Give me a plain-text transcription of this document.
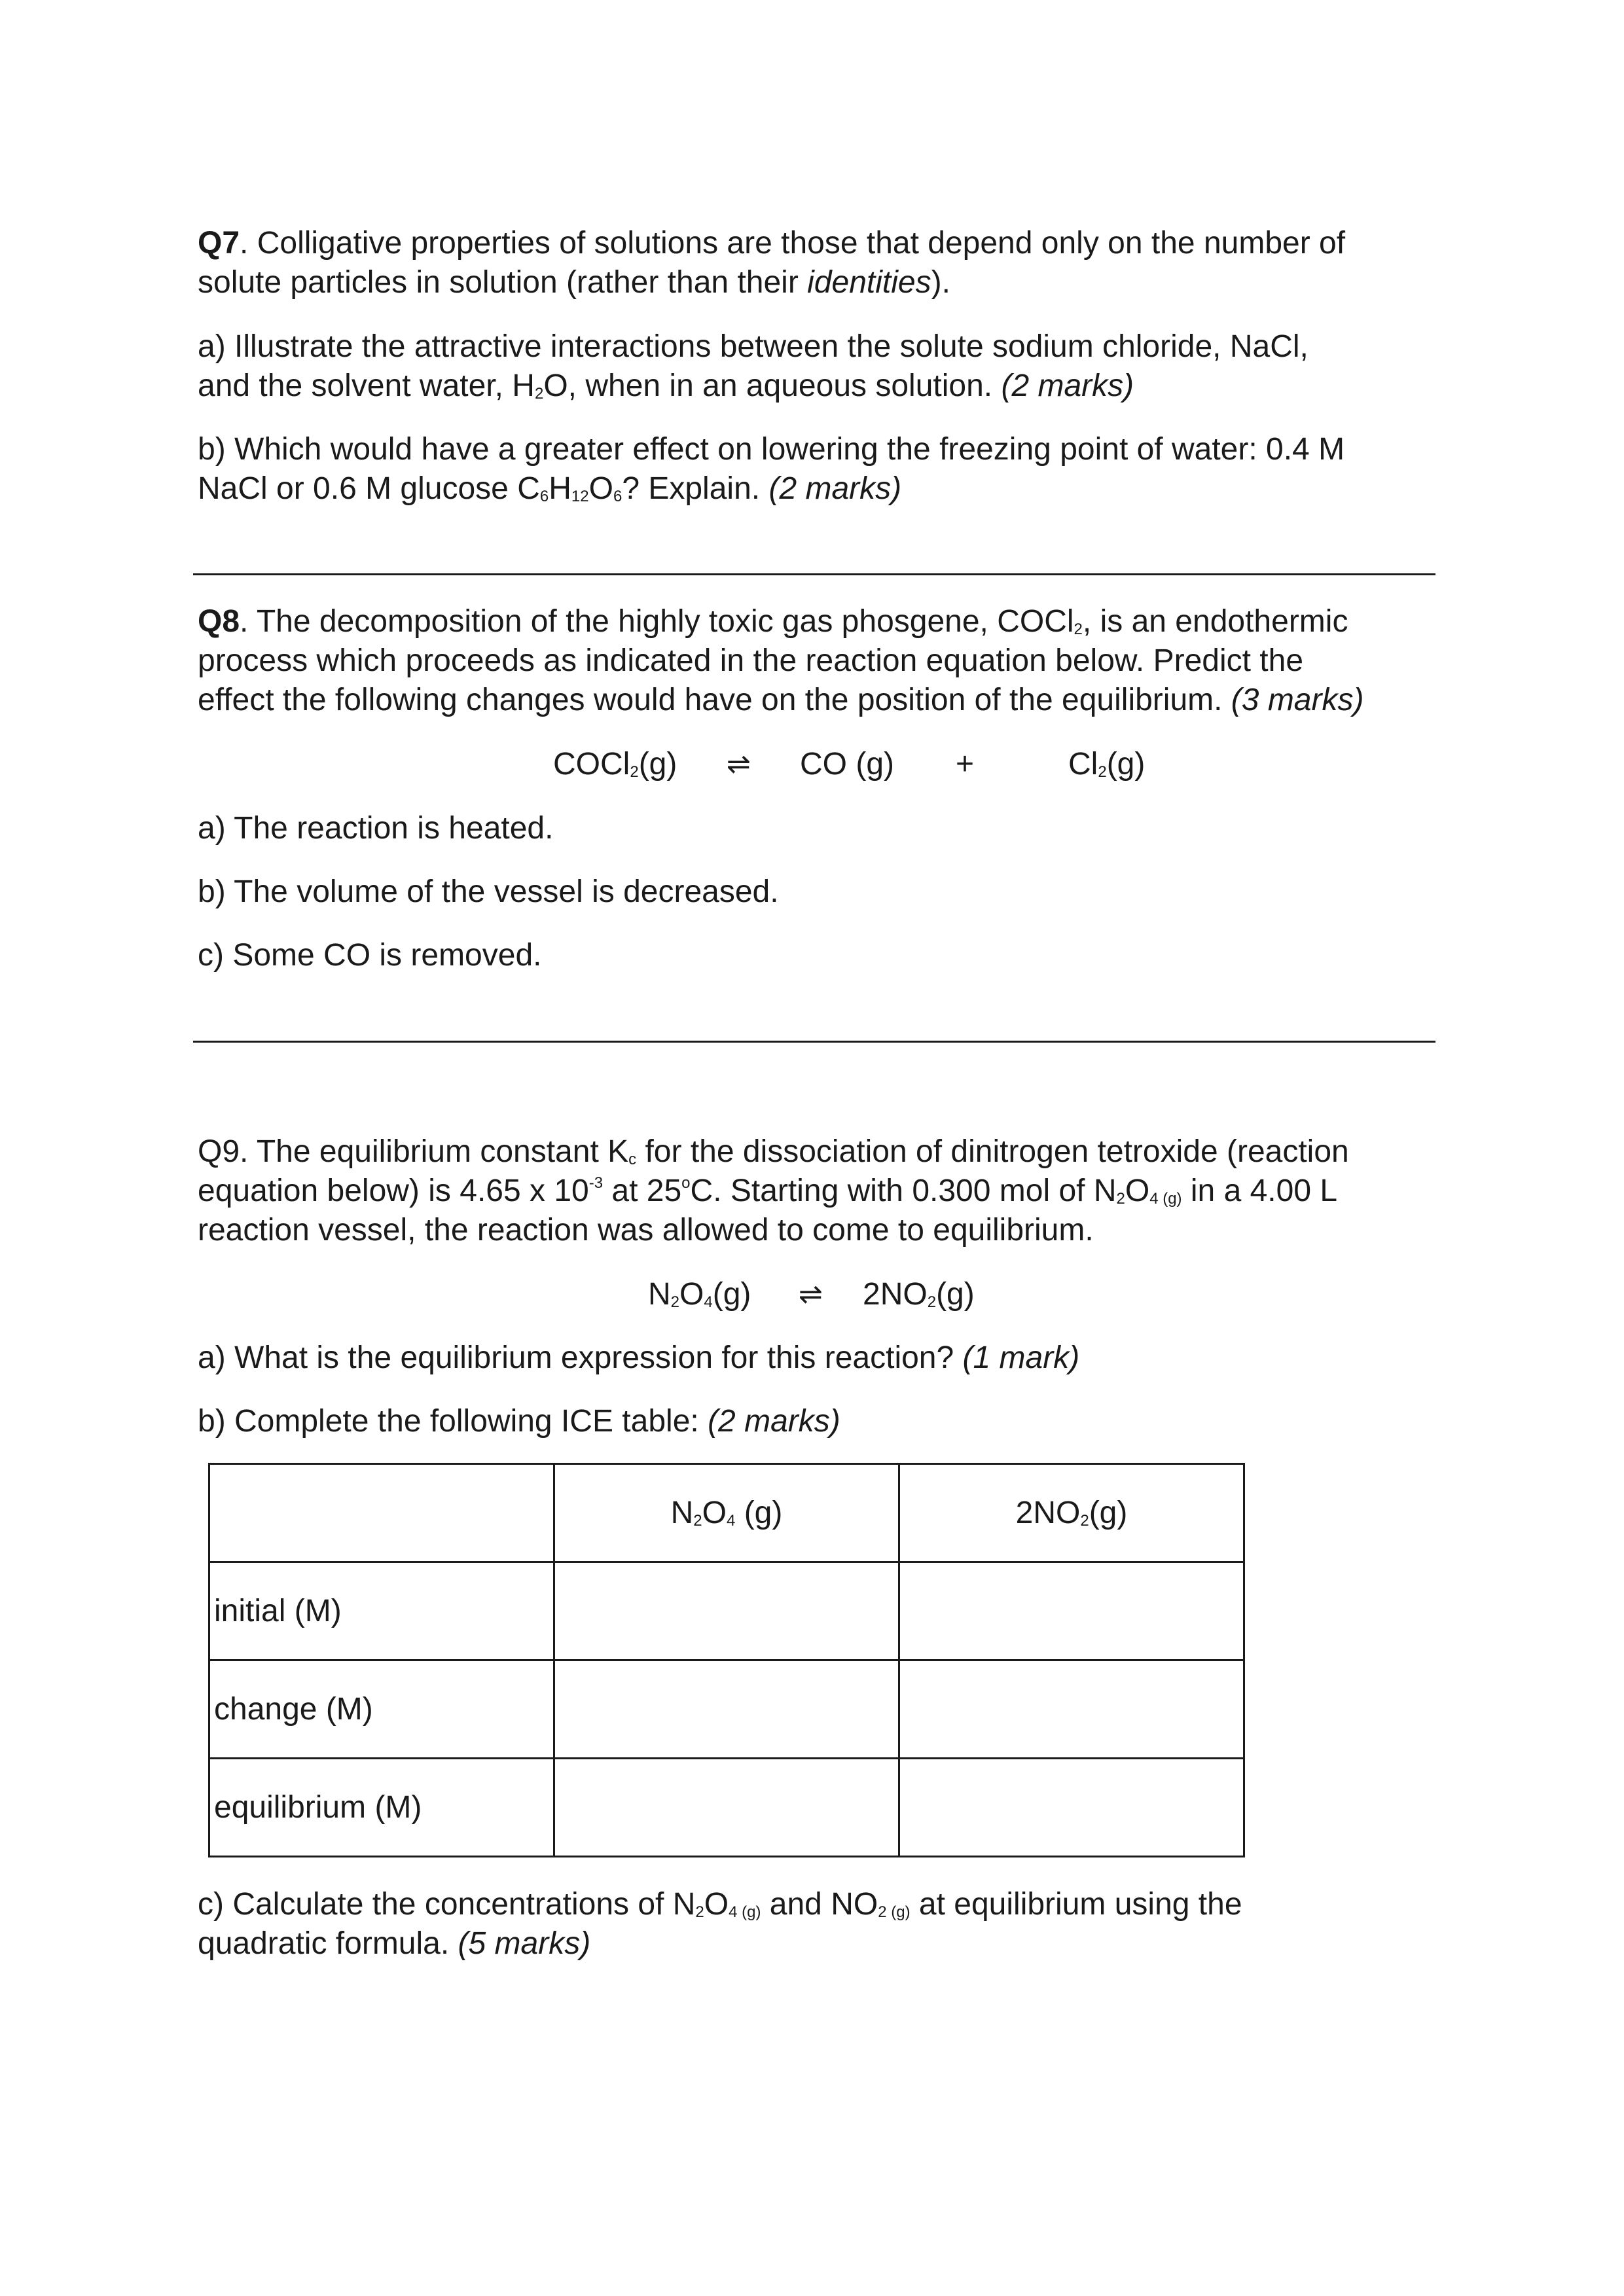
Q7. Colligative properties of solutions are those that depend only on the number of
solute particles in solution (rather than their identities).
a) Illustrate the attractive interactions between the solute sodium chloride, NaCl,
and the solvent water, $H_2O$, when in an aqueous solution. (2 marks)
b) Which would have a greater effect on lowering the freezing point of water: 0.4 M
NaCl or 0.6 M glucose $C_6H_{12}O_6$? Explain. (2 marks)
Q8. The decomposition of the highly toxic gas phosgene, COCl$_2$, is an endothermic
process which proceeds as indicated in the reaction equation below. Predict the
effect the following changes would have on the position of the equilibrium. (3 marks)
COCl$_2$(g) ⇌ CO (g) +	$Cl_2(g)$
a) The reaction is heated.
b) The volume of the vessel is decreased.
c) Some CO is removed.
Q9. The equilibrium constant $K_c$ for the dissociation of dinitrogen tetroxide (reaction
equation below) is 4.65 x $10^{-3}$ at 25$^o$C. Starting with 0.300 mol of $N_2O_{4 (g)}$ in a 4.00 L
reaction vessel, the reaction was allowed to come to equilibrium.
$N_2O_4(g)$ ⇌ $2NO_2(g)$
a) What is the equilibrium expression for this reaction? (1 mark)
b) Complete the following ICE table: (2 marks)
	$N_2O_4$ (g)	$2NO_2(g)$
initial (M)		
change (M)		
equilibrium (M)		
c) Calculate the concentrations of $N_2O_{4 (g)}$ and $NO_{2 (g)}$ at equilibrium using the
quadratic formula. (5 marks)
